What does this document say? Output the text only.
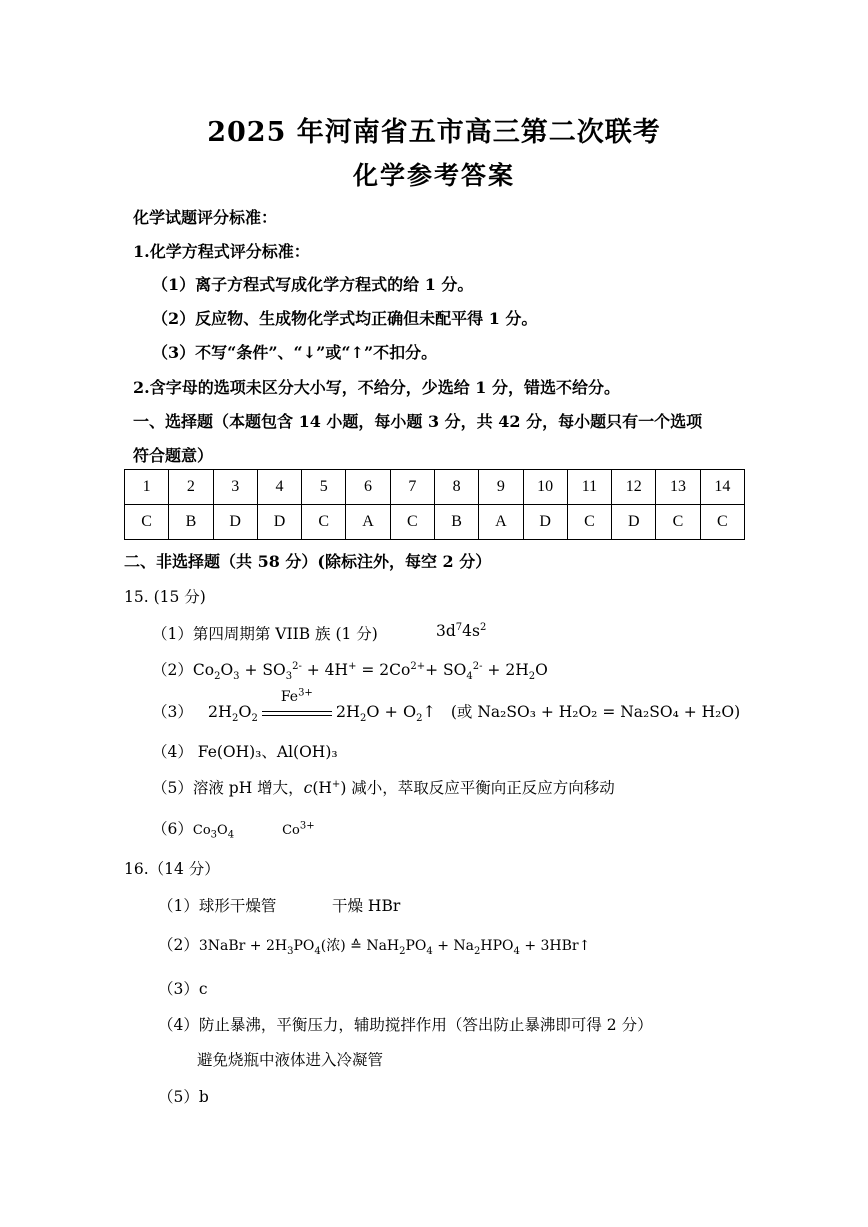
2025 年河南省五市高三第二次联考
化学参考答案
化学试题评分标准：
1.化学方程式评分标准：
（1）离子方程式写成化学方程式的给 1 分。
（2）反应物、生成物化学式均正确但未配平得 1 分。
（3）不写“条件”、“↓”或“↑”不扣分。
2.含字母的选项未区分大小写，不给分，少选给 1 分，错选不给分。
一、选择题（本题包含 14 小题，每小题 3 分，共 42 分，每小题只有一个选项
符合题意）
1	2	3	4	5	6	7	8	9	10	11	12	13	14
C	B	D	D	C	A	C	B	A	D	C	D	C	C
二、非选择题（共 58 分）(除标注外，每空 2 分）
15. (15 分)
（1）第四周期第 VIIB 族 (1 分)	$3d^74s^2$
$(2)Co_2O_3 + SO_3^{2-} + 4H^+ = 2Co^{2+}+ SO_4^{2-} + 2H_2O$
（3） $2H_2O_2$
$Fe^{3+}$
$2H_2O$ + $O_2↑$ (或 Na₂SO₃ + H₂O₂ = Na₂SO₄ + H₂O)
（4） Fe(OH)₃、Al(OH)₃
（5）溶液 pH 增大，c(H+) 减小，萃取反应平衡向正反应方向移动
$(6)Co_3O_4$	$Co^{3+}$
16.（14 分）
（1）球形干燥管	干燥 HBr
（2）3NaBr + $2H_3PO_4$(浓) ≙ $NaH_2PO_4 + Na_2HPO_4$ + 3HBr↑
（3）c
（4）防止暴沸，平衡压力，辅助搅拌作用（答出防止暴沸即可得 2 分）
避免烧瓶中液体进入冷凝管
（5）b
